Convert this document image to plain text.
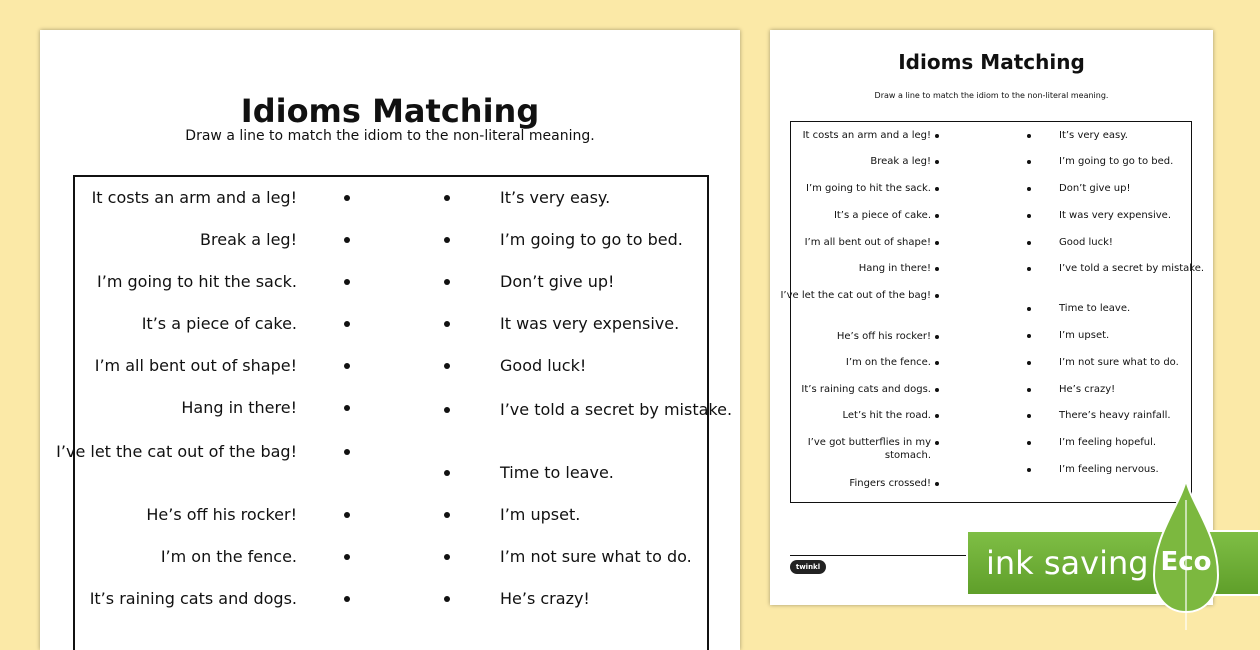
Idioms Matching
Draw a line to match the idiom to the non-literal meaning.
It costs an arm and a leg!
Break a leg!
I’m going to hit the sack.
It’s a piece of cake.
I’m all bent out of shape!
Hang in there!
I’ve let the cat out of the bag!
He’s off his rocker!
I’m on the fence.
It’s raining cats and dogs.
It’s very easy.
I’m going to go to bed.
Don’t give up!
It was very expensive.
Good luck!
I’ve told a secret by mistake.
Time to leave.
I’m upset.
I’m not sure what to do.
He’s crazy!
Idioms Matching
Draw a line to match the idiom to the non-literal meaning.
It costs an arm and a leg!
Break a leg!
I’m going to hit the sack.
It’s a piece of cake.
I’m all bent out of shape!
Hang in there!
I’ve let the cat out of the bag!
He’s off his rocker!
I’m on the fence.
It’s raining cats and dogs.
Let’s hit the road.
I’ve got butterflies in my stomach.
Fingers crossed!
It’s very easy.
I’m going to go to bed.
Don’t give up!
It was very expensive.
Good luck!
I’ve told a secret by mistake.
Time to leave.
I’m upset.
I’m not sure what to do.
He’s crazy!
There’s heavy rainfall.
I’m feeling hopeful.
I’m feeling nervous.
twinkl	ink saving Eco
